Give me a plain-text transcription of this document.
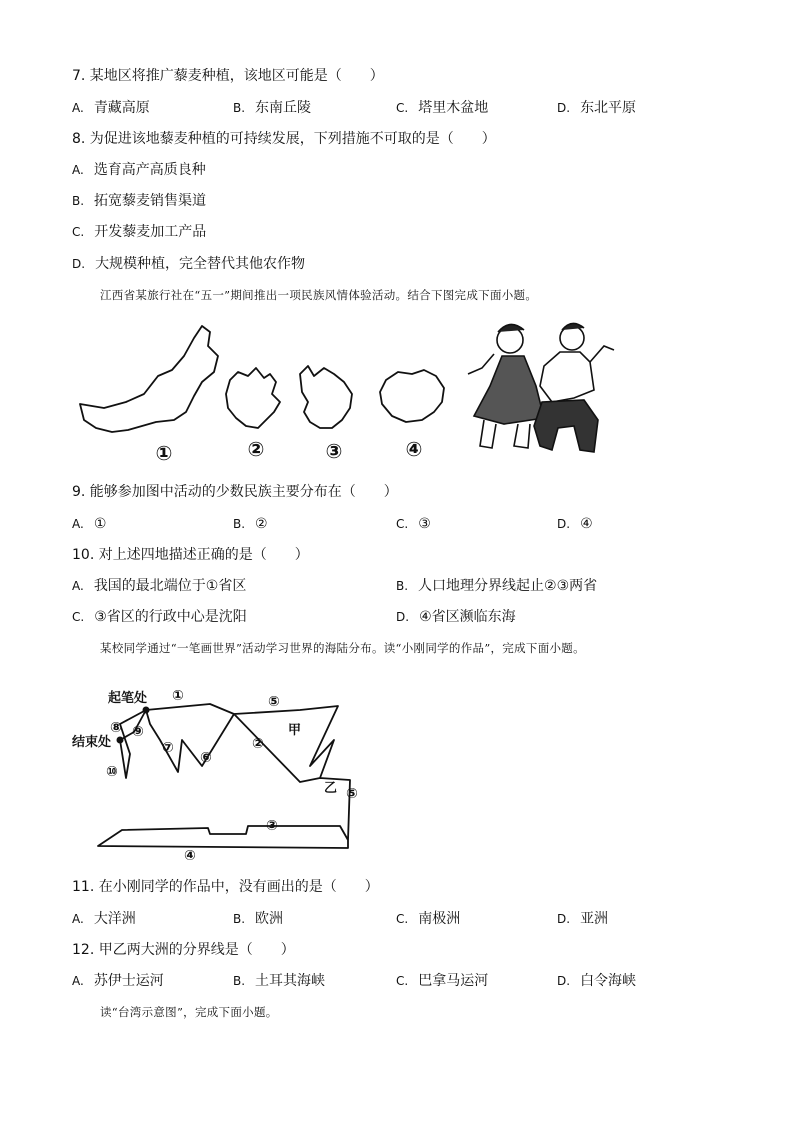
7. 某地区将推广藜麦种植，该地区可能是（　　）
A. 青藏高原	B. 东南丘陵	C. 塔里木盆地	D. 东北平原
8. 为促进该地藜麦种植的可持续发展，下列措施不可取的是（　　）
A. 选育高产高质良种
B. 拓宽藜麦销售渠道
C. 开发藜麦加工产品
D. 大规模种植，完全替代其他农作物
江西省某旅行社在“五一”期间推出一项民族风情体验活动。结合下图完成下面小题。
①	②	③	④
9. 能够参加图中活动的少数民族主要分布在（　　）
A. ①	B. ②	C. ③	D. ④
10. 对上述四地描述正确的是（　　）
A. 我国的最北端位于①省区	B. 人口地理分界线起止②③两省
C. ③省区的行政中心是沈阳	D. ④省区濒临东海
某校同学通过“一笔画世界”活动学习世界的海陆分布。读“小刚同学的作品”，完成下面小题。
起笔处
结束处
甲
乙
①
②
③
④
⑤
⑤
⑥
⑦
⑧ ⑨
⑩
11. 在小刚同学的作品中，没有画出的是（　　）
A. 大洋洲	B. 欧洲	C. 南极洲	D. 亚洲
12. 甲乙两大洲的分界线是（　　）
A. 苏伊士运河	B. 土耳其海峡	C. 巴拿马运河	D. 白令海峡
读“台湾示意图”，完成下面小题。
